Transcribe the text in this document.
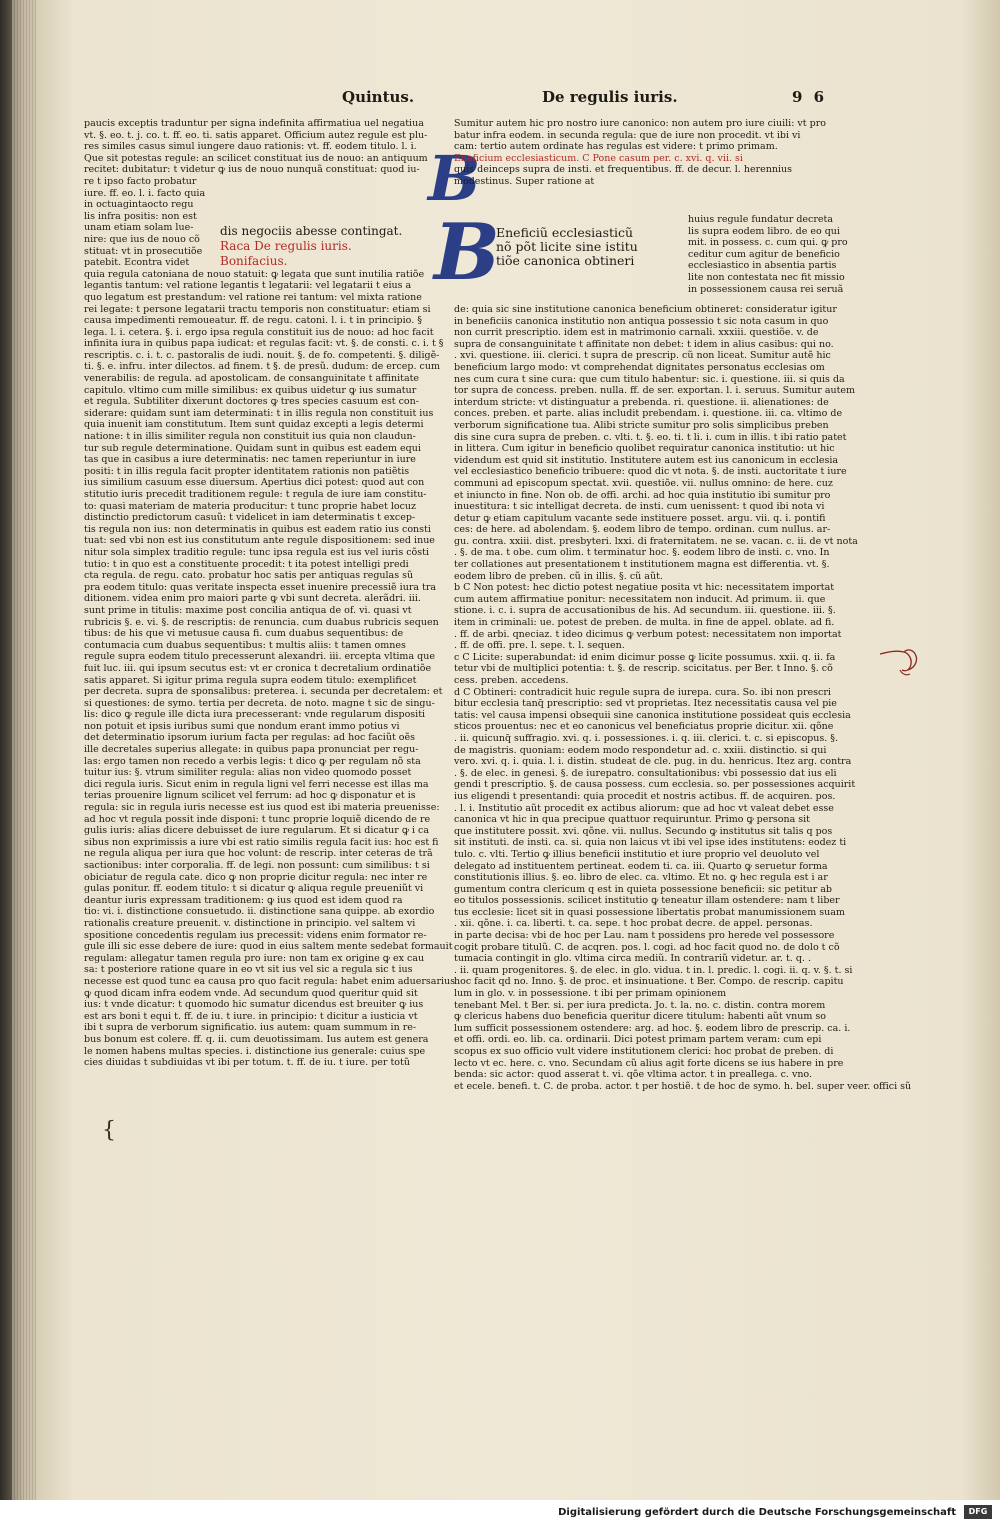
Quintus.	De regulis iuris.	9 6
paucis exceptis traduntur per signa indefinita affirmatiua uel negatiua
vt. §. eo. t. j. co. t. ff. eo. ti. satis apparet. Officium autez regule est plu-
res similes casus simul iungere dauo rationis: vt. ff. eodem titulo. l. i.
Que sit potestas regule: an scilicet constituat ius de nouo: an antiquum
recitet: dubitatur: t videtur ꝙ ius de nouo nunquã constituat: quod iu-
re t ipso facto probatur
iure. ff. eo. l. i. facto quia
in octuagintaocto regu
lis infra positis: non est
unam etiam solam lue-
nire: que ius de nouo cõ
stituat: vt in prosecutiõe
patebit. Econtra videt
quia regula catoniana de nouo statuit: ꝙ legata que sunt inutilia ratiõe
legantis tantum: vel ratione legantis t legatarii: vel legatarii t eius a
quo legatum est prestandum: vel ratione rei tantum: vel mixta ratione
rei legate: t persone legatarii tractu temporis non constituatur: etiam si
causa impedimenti remoueatur. ff. de regu. catoni. l. i. t in principio. §
lega. l. i. cetera. §. i. ergo ipsa regula constituit ius de nouo: ad hoc facit
infinita iura in quibus papa iudicat: et regulas facit: vt. §. de consti. c. i. t §
rescriptis. c. i. t. c. pastoralis de iudi. nouit. §. de fo. competenti. §. diligẽ-
ti. §. e. infru. inter dilectos. ad finem. t §. de presũ. dudum: de ercep. cum
venerabilis: de regula. ad apostolicam. de consanguinitate t affinitate
capitulo. vltimo cum mille similibus: ex quibus uidetur ꝙ ius sumatur
et regula. Subtiliter dixerunt doctores ꝙ tres species casuum est con-
siderare: quidam sunt iam determinati: t in illis regula non constituit ius
quia inuenit iam constitutum. Item sunt quidaz excepti a legis determi
natione: t in illis similiter regula non constituit ius quia non claudun-
tur sub regule determinatione. Quidam sunt in quibus est eadem equi
tas que in casibus a iure determinatis: nec tamen reperiuntur in iure
positi: t in illis regula facit propter identitatem rationis non patiẽtis
ius similium casuum esse diuersum. Apertius dici potest: quod aut con
stitutio iuris precedit traditionem regule: t regula de iure iam constitu-
to: quasi materiam de materia producitur: t tunc proprie habet locuz
distinctio predictorum casuũ: t videlicet in iam determinatis t excep-
tis regula non ius: non determinatis in quibus est eadem ratio ius consti
tuat: sed vbi non est ius constitutum ante regule dispositionem: sed inue
nitur sola simplex traditio regule: tunc ipsa regula est ius vel iuris cõsti
tutio: t in quo est a constituente procedit: t ita potest intelligi predi
cta regula. de regu. cato. probatur hoc satis per antiquas regulas sũ
pra eodem titulo: quas veritate inspecta esset inuenire precessiẽ iura tra
ditionem. videa enim pro maiori parte ꝙ vbi sunt decreta. alerãdri. iii.
sunt prime in titulis: maxime post concilia antiqua de of. vi. quasi vt
rubricis §. e. vi. §. de rescriptis: de renuncia. cum duabus rubricis sequen
tibus: de his que vi metusue causa fi. cum duabus sequentibus: de
contumacia cum duabus sequentibus: t multis aliis: t tamen omnes
regule supra eodem titulo precesserunt alexandri. iii. ercepta vltima que
fuit luc. iii. qui ipsum secutus est: vt er cronica t decretalium ordinatiõe
satis apparet. Si igitur prima regula supra eodem titulo: exemplificet
per decreta. supra de sponsalibus: preterea. i. secunda per decretalem: et
si questiones: de symo. tertia per decreta. de noto. magne t sic de singu-
lis: dico ꝙ regule ille dicta iura precesserant: vnde regularum dispositi
non potuit et ipsis iuribus sumi que nondum erant immo potius vi
det determinatio ipsorum iurium facta per regulas: ad hoc faciũt oẽs
ille decretales superius allegate: in quibus papa pronunciat per regu-
las: ergo tamen non recedo a verbis legis: t dico ꝙ per regulam nõ sta
tuitur ius: §. vtrum similiter regula: alias non video quomodo posset
dici regula iuris. Sicut enim in regula ligni vel ferri necesse est illas ma
terias prouenire lignum scilicet vel ferrum: ad hoc ꝙ disponatur et is
regula: sic in regula iuris necesse est ius quod est ibi materia preuenisse:
ad hoc vt regula possit inde disponi: t tunc proprie loquiẽ dicendo de re
gulis iuris: alias dicere debuisset de iure regularum. Et si dicatur ꝙ i ca
sibus non exprimissis a iure vbi est ratio similis regula facit ius: hoc est fi
ne regula aliqua per iura que hoc volunt: de rescrip. inter ceteras de trã
sactionibus: inter corporalia. ff. de legi. non possunt: cum similibus: t si
obiciatur de regula cate. dico ꝙ non proprie dicitur regula: nec inter re
gulas ponitur. ff. eodem titulo: t si dicatur ꝙ aliqua regule preueniũt vi
deantur iuris expressam traditionem: ꝙ ius quod est idem quod ra
tio: vi. i. distinctione consuetudo. ii. distinctione sana quippe. ab exordio
rationalis creature preuenit. v. distinctione in principio. vel saltem vi
spositione concedentis regulam ius precessit: videns enim formator re-
gule illi sic esse debere de iure: quod in eius saltem mente sedebat formauit
regulam: allegatur tamen regula pro iure: non tam ex origine ꝙ ex cau
sa: t posteriore ratione quare in eo vt sit ius vel sic a regula sic t ius
necesse est quod tunc ea causa pro quo facit regula: habet enim aduersarius
ꝙ quod dicam infra eodem vnde. Ad secundum quod queritur quid sit
ius: t vnde dicatur: t quomodo hic sumatur dicendus est breuiter ꝙ ius
est ars boni t equi t. ff. de iu. t iure. in principio: t dicitur a iusticia vt
ibi t supra de verborum significatio. ius autem: quam summum in re-
bus bonum est colere. ff. q. ii. cum deuotissimam. Ius autem est genera
le nomen habens multas species. i. distinctione ius generale: cuius spe
cies diuidas t subdiuidas vt ibi per totum. t. ff. de iu. t iure. per totũ
dis negociis abesse contingat.
Raca De regulis iuris.
Bonifacius.
B
B
Sumitur autem hic pro nostro iure canonico: non autem pro iure ciuili: vt pro
batur infra eodem. in secunda regula: que de iure non procedit. vt ibi vi
cam: tertio autem ordinate has regulas est videre: t primo primam.
Eneficium ecclesiasticum. C Pone casum per. c. xvi. q. vii. si
quis deinceps supra de insti. et frequentibus. ff. de decur. l. herennius
modestinus. Super ratione at
Eneficiũ ecclesiasticũ
nõ põt licite sine istitu
tiõe canonica obtineri
huius regule fundatur decreta
lis supra eodem libro. de eo qui
mit. in possess. c. cum qui. ꝙ pro
ceditur cum agitur de beneficio
ecclesiastico in absentia partis
lite non contestata nec fit missio
in possessionem causa rei seruã
de: quia sic sine institutione canonica beneficium obtineret: consideratur igitur
in beneficiis canonica institutio non antiqua possessio t sic nota casum in quo
non currit prescriptio. idem est in matrimonio carnali. xxxiii. questiõe. v. de
supra de consanguinitate t affinitate non debet: t idem in alius casibus: qui no.
. xvi. questione. iii. clerici. t supra de prescrip. cũ non liceat. Sumitur autẽ hic
beneficium largo modo: vt comprehendat dignitates personatus ecclesias om
nes cum cura t sine cura: que cum titulo habentur: sic. i. questione. iii. si quis da
tor supra de concess. preben. nulla. ff. de ser. exportan. l. i. seruus. Sumitur autem
interdum stricte: vt distinguatur a prebenda. ri. questione. ii. alienationes: de
conces. preben. et parte. alias includit prebendam. i. questione. iii. ca. vltimo de
verborum significatione tua. Alibi stricte sumitur pro solis simplicibus preben
dis sine cura supra de preben. c. vlti. t. §. eo. ti. t li. i. cum in illis. t ibi ratio patet
in littera. Cum igitur in beneficio quolibet requiratur canonica institutio: ut hic
videndum est quid sit institutio. Institutere autem est ius canonicum in ecclesia
vel ecclesiastico beneficio tribuere: quod dic vt nota. §. de insti. auctoritate t iure
communi ad episcopum spectat. xvii. questiõe. vii. nullus omnino: de here. cuz
et iniuncto in fine. Non ob. de offi. archi. ad hoc quia institutio ibi sumitur pro
inuestitura: t sic intelligat decreta. de insti. cum uenissent: t quod ibi nota vi
detur ꝙ etiam capitulum vacante sede instituere posset. argu. vii. q. i. pontifi
ces: de here. ad abolendam. §. eodem libro de tempo. ordinan. cum nullus. ar-
gu. contra. xxiii. dist. presbyteri. lxxi. di fraternitatem. ne se. vacan. c. ii. de vt nota
. §. de ma. t obe. cum olim. t terminatur hoc. §. eodem libro de insti. c. vno. In
ter collationes aut presentationem t institutionem magna est differentia. vt. §.
eodem libro de preben. cũ in illis. §. cũ aũt.
b C Non potest: hec dictio potest negatiue posita vt hic: necessitatem importat
cum autem affirmatiue ponitur: necessitatem non inducit. Ad primum. ii. que
stione. i. c. i. supra de accusationibus de his. Ad secundum. iii. questione. iii. §.
item in criminali: ue. potest de preben. de multa. in fine de appel. oblate. ad fi.
. ff. de arbi. qneciaz. t ideo dicimus ꝙ verbum potest: necessitatem non importat
. ff. de offi. pre. l. sepe. t. l. sequen.
c C Licite: superabundat: id enim dicimur posse ꝙ licite possumus. xxii. q. ii. fa
tetur vbi de multiplici potentia: t. §. de rescrip. scicitatus. per Ber. t Inno. §. cõ
cess. preben. accedens.
d C Obtineri: contradicit huic regule supra de iurepa. cura. So. ibi non prescri
bitur ecclesia tanq̃ prescriptio: sed vt proprietas. Itez necessitatis causa vel pie
tatis: vel causa impensi obsequii sine canonica institutione possideat quis ecclesia
sticos prouentus: nec et eo canonicus vel beneficiatus proprie dicitur. xii. qõne
. ii. quicunq̃ suffragio. xvi. q. i. possessiones. i. q. iii. clerici. t. c. si episcopus. §.
de magistris. quoniam: eodem modo respondetur ad. c. xxiii. distinctio. si qui
vero. xvi. q. i. quia. l. i. distin. studeat de cle. pug. in du. henricus. Itez arg. contra
. §. de elec. in genesi. §. de iurepatro. consultationibus: vbi possessio dat ius eli
gendi t prescriptio. §. de causa possess. cum ecclesia. so. per possessiones acquirit
ius eligendi t presentandi: quia procedit et nostris actibus. ff. de acquiren. pos.
. l. i. Institutio aũt procedit ex actibus aliorum: que ad hoc vt valeat debet esse
canonica vt hic in qua precipue quattuor requiruntur. Primo ꝙ persona sit
que institutere possit. xvi. qõne. vii. nullus. Secundo ꝙ institutus sit talis q pos
sit instituti. de insti. ca. si. quia non laicus vt ibi vel ipse ides institutens: eodez ti
tulo. c. vlti. Tertio ꝙ illius beneficii institutio et iure proprio vel deuoluto vel
delegato ad instituentem pertineat. eodem ti. ca. iii. Quarto ꝙ seruetur forma
constitutionis illius. §. eo. libro de elec. ca. vltimo. Et no. ꝙ hec regula est i ar
gumentum contra clericum q est in quieta possessione beneficii: sic petitur ab
eo titulos possessionis. scilicet institutio ꝙ teneatur illam ostendere: nam t liber
tus ecclesie: licet sit in quasi possessione libertatis probat manumissionem suam
. xii. qõne. i. ca. liberti. t. ca. sepe. t hoc probat decre. de appel. personas.
in parte decisa: vbi de hoc per Lau. nam t possidens pro herede vel possessore
cogit probare titulũ. C. de acqren. pos. l. cogi. ad hoc facit quod no. de dolo t cõ
tumacia contingit in glo. vltima circa mediũ. In contrariũ videtur. ar. t. q. .
. ii. quam progenitores. §. de elec. in glo. vidua. t in. l. predic. l. cogi. ii. q. v. §. t. si
hoc facit qd no. Inno. §. de proc. et insinuatione. t Ber. Compo. de rescrip. capitu
lum in glo. v. in possessione. t ibi per primam opinionem
tenebant Mel. t Ber. si. per iura predicta. Jo. t. la. no. c. distin. contra morem
ꝙ clericus habens duo beneficia queritur dicere titulum: habenti aũt vnum so
lum sufficit possessionem ostendere: arg. ad hoc. §. eodem libro de prescrip. ca. i.
et offi. ordi. eo. lib. ca. ordinarii. Dici potest primam partem veram: cum epi
scopus ex suo officio vult videre institutionem clerici: hoc probat de preben. di
lecto vt ec. here. c. vno. Secundam cũ alius agit forte dicens se ius habere in pre
benda: sic actor: quod asserat t. vi. qõe vltima actor. t in preallega. c. vno.
et ecele. benefi. t. C. de proba. actor. t per hostiẽ. t de hoc de symo. h. bel. super veer. offici sũ
{
Digitalisierung gefördert durch die Deutsche Forschungsgemeinschaft	DFG
